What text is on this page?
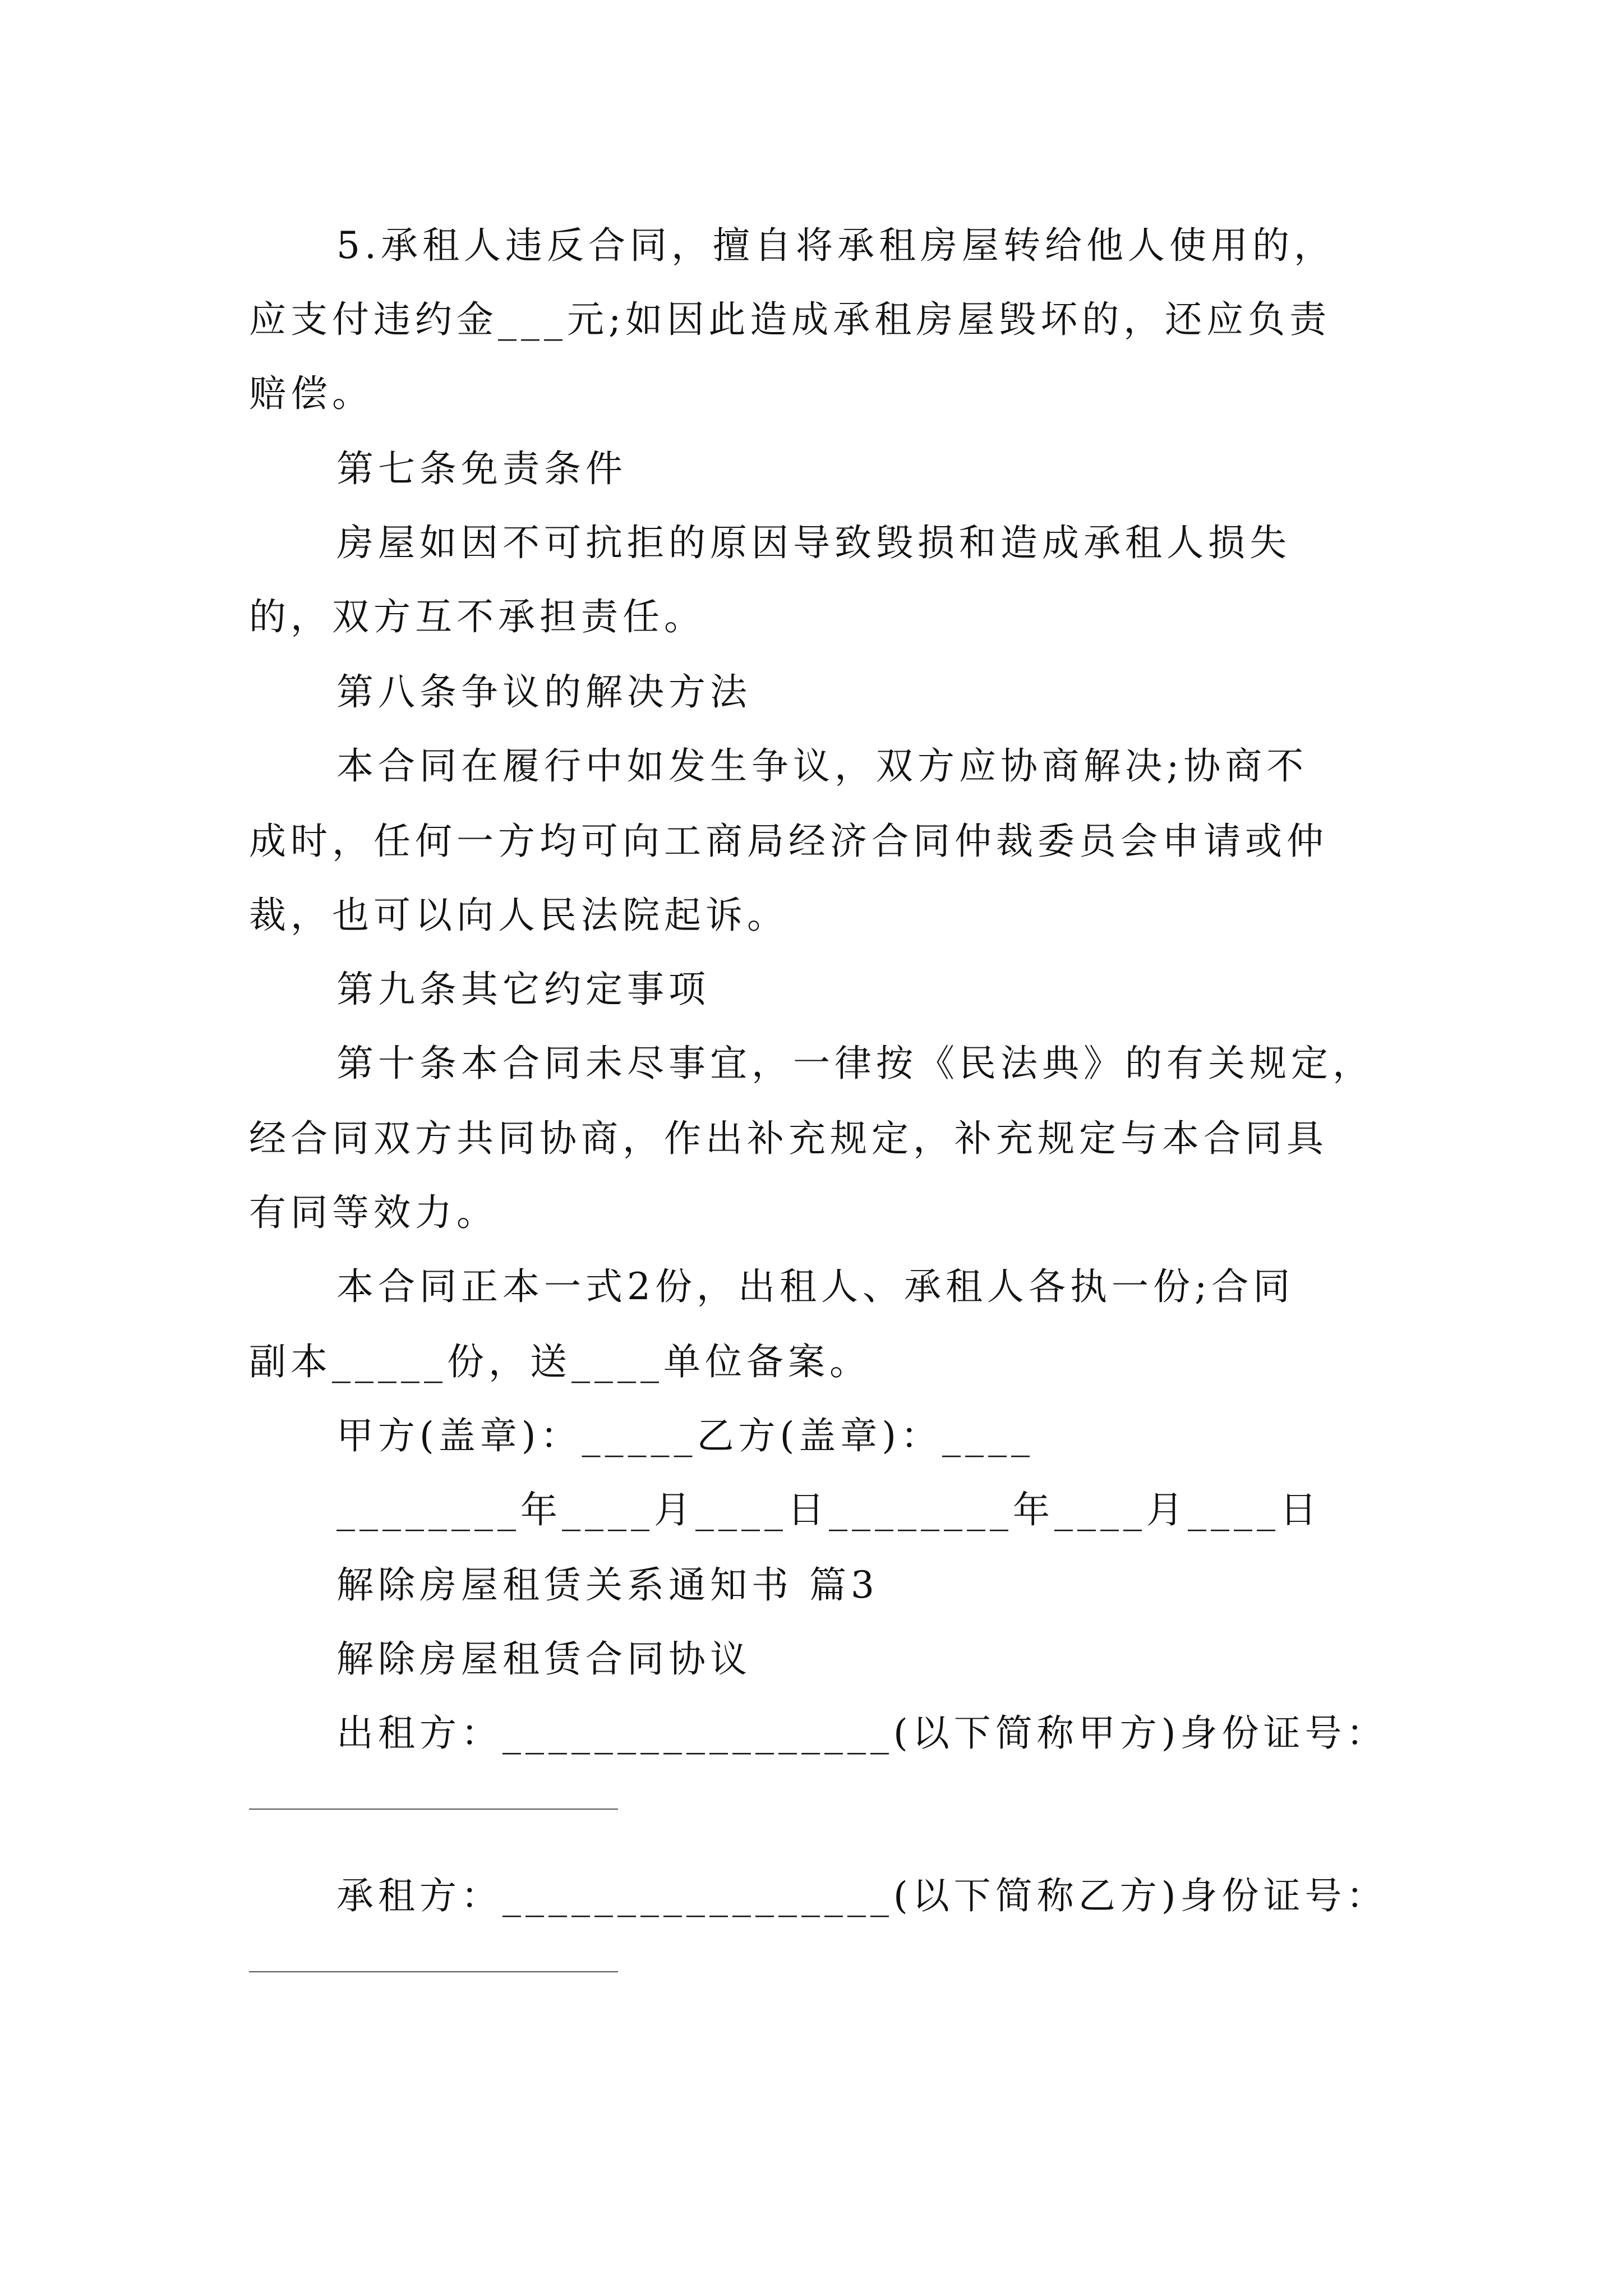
5.承租人违反合同，擅自将承租房屋转给他人使用的，
应支付违约金___元;如因此造成承租房屋毁坏的，还应负责
赔偿。
第七条免责条件
房屋如因不可抗拒的原因导致毁损和造成承租人损失
的，双方互不承担责任。
第八条争议的解决方法
本合同在履行中如发生争议，双方应协商解决;协商不
成时，任何一方均可向工商局经济合同仲裁委员会申请或仲
裁，也可以向人民法院起诉。
第九条其它约定事项
第十条本合同未尽事宜，一律按《民法典》的有关规定，
经合同双方共同协商，作出补充规定，补充规定与本合同具
有同等效力。
本合同正本一式2份，出租人、承租人各执一份;合同
副本_____份，送____单位备案。
甲方(盖章)：_____乙方(盖章)：____
________年____月____日________年____月____日
解除房屋租赁关系通知书 篇3
解除房屋租赁合同协议
出租方：_________________(以下简称甲方)身份证号：
承租方：_________________(以下简称乙方)身份证号：
